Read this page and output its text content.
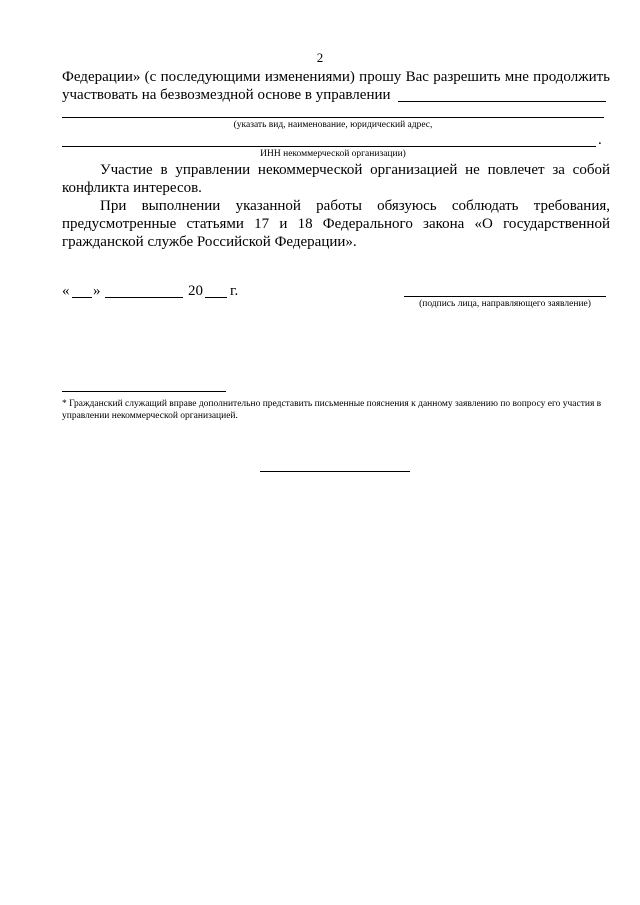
2
Федерации» (с последующими изменениями) прошу Вас разрешить мне продолжить
участвовать на безвозмездной основе в управлении
(указать вид, наименование, юридический адрес,
.
ИНН некоммерческой организации)
Участие в управлении некоммерческой организацией не повлечет за собой
конфликта интересов.
При выполнении указанной работы обязуюсь соблюдать требования,
предусмотренные статьями 17 и 18 Федерального закона «О государственной
гражданской службе Российской Федерации».
« »	20 г.
(подпись лица, направляющего заявление)
* Гражданский служащий вправе дополнительно представить письменные пояснения к данному заявлению по вопросу его участия в управлении некоммерческой организацией.
